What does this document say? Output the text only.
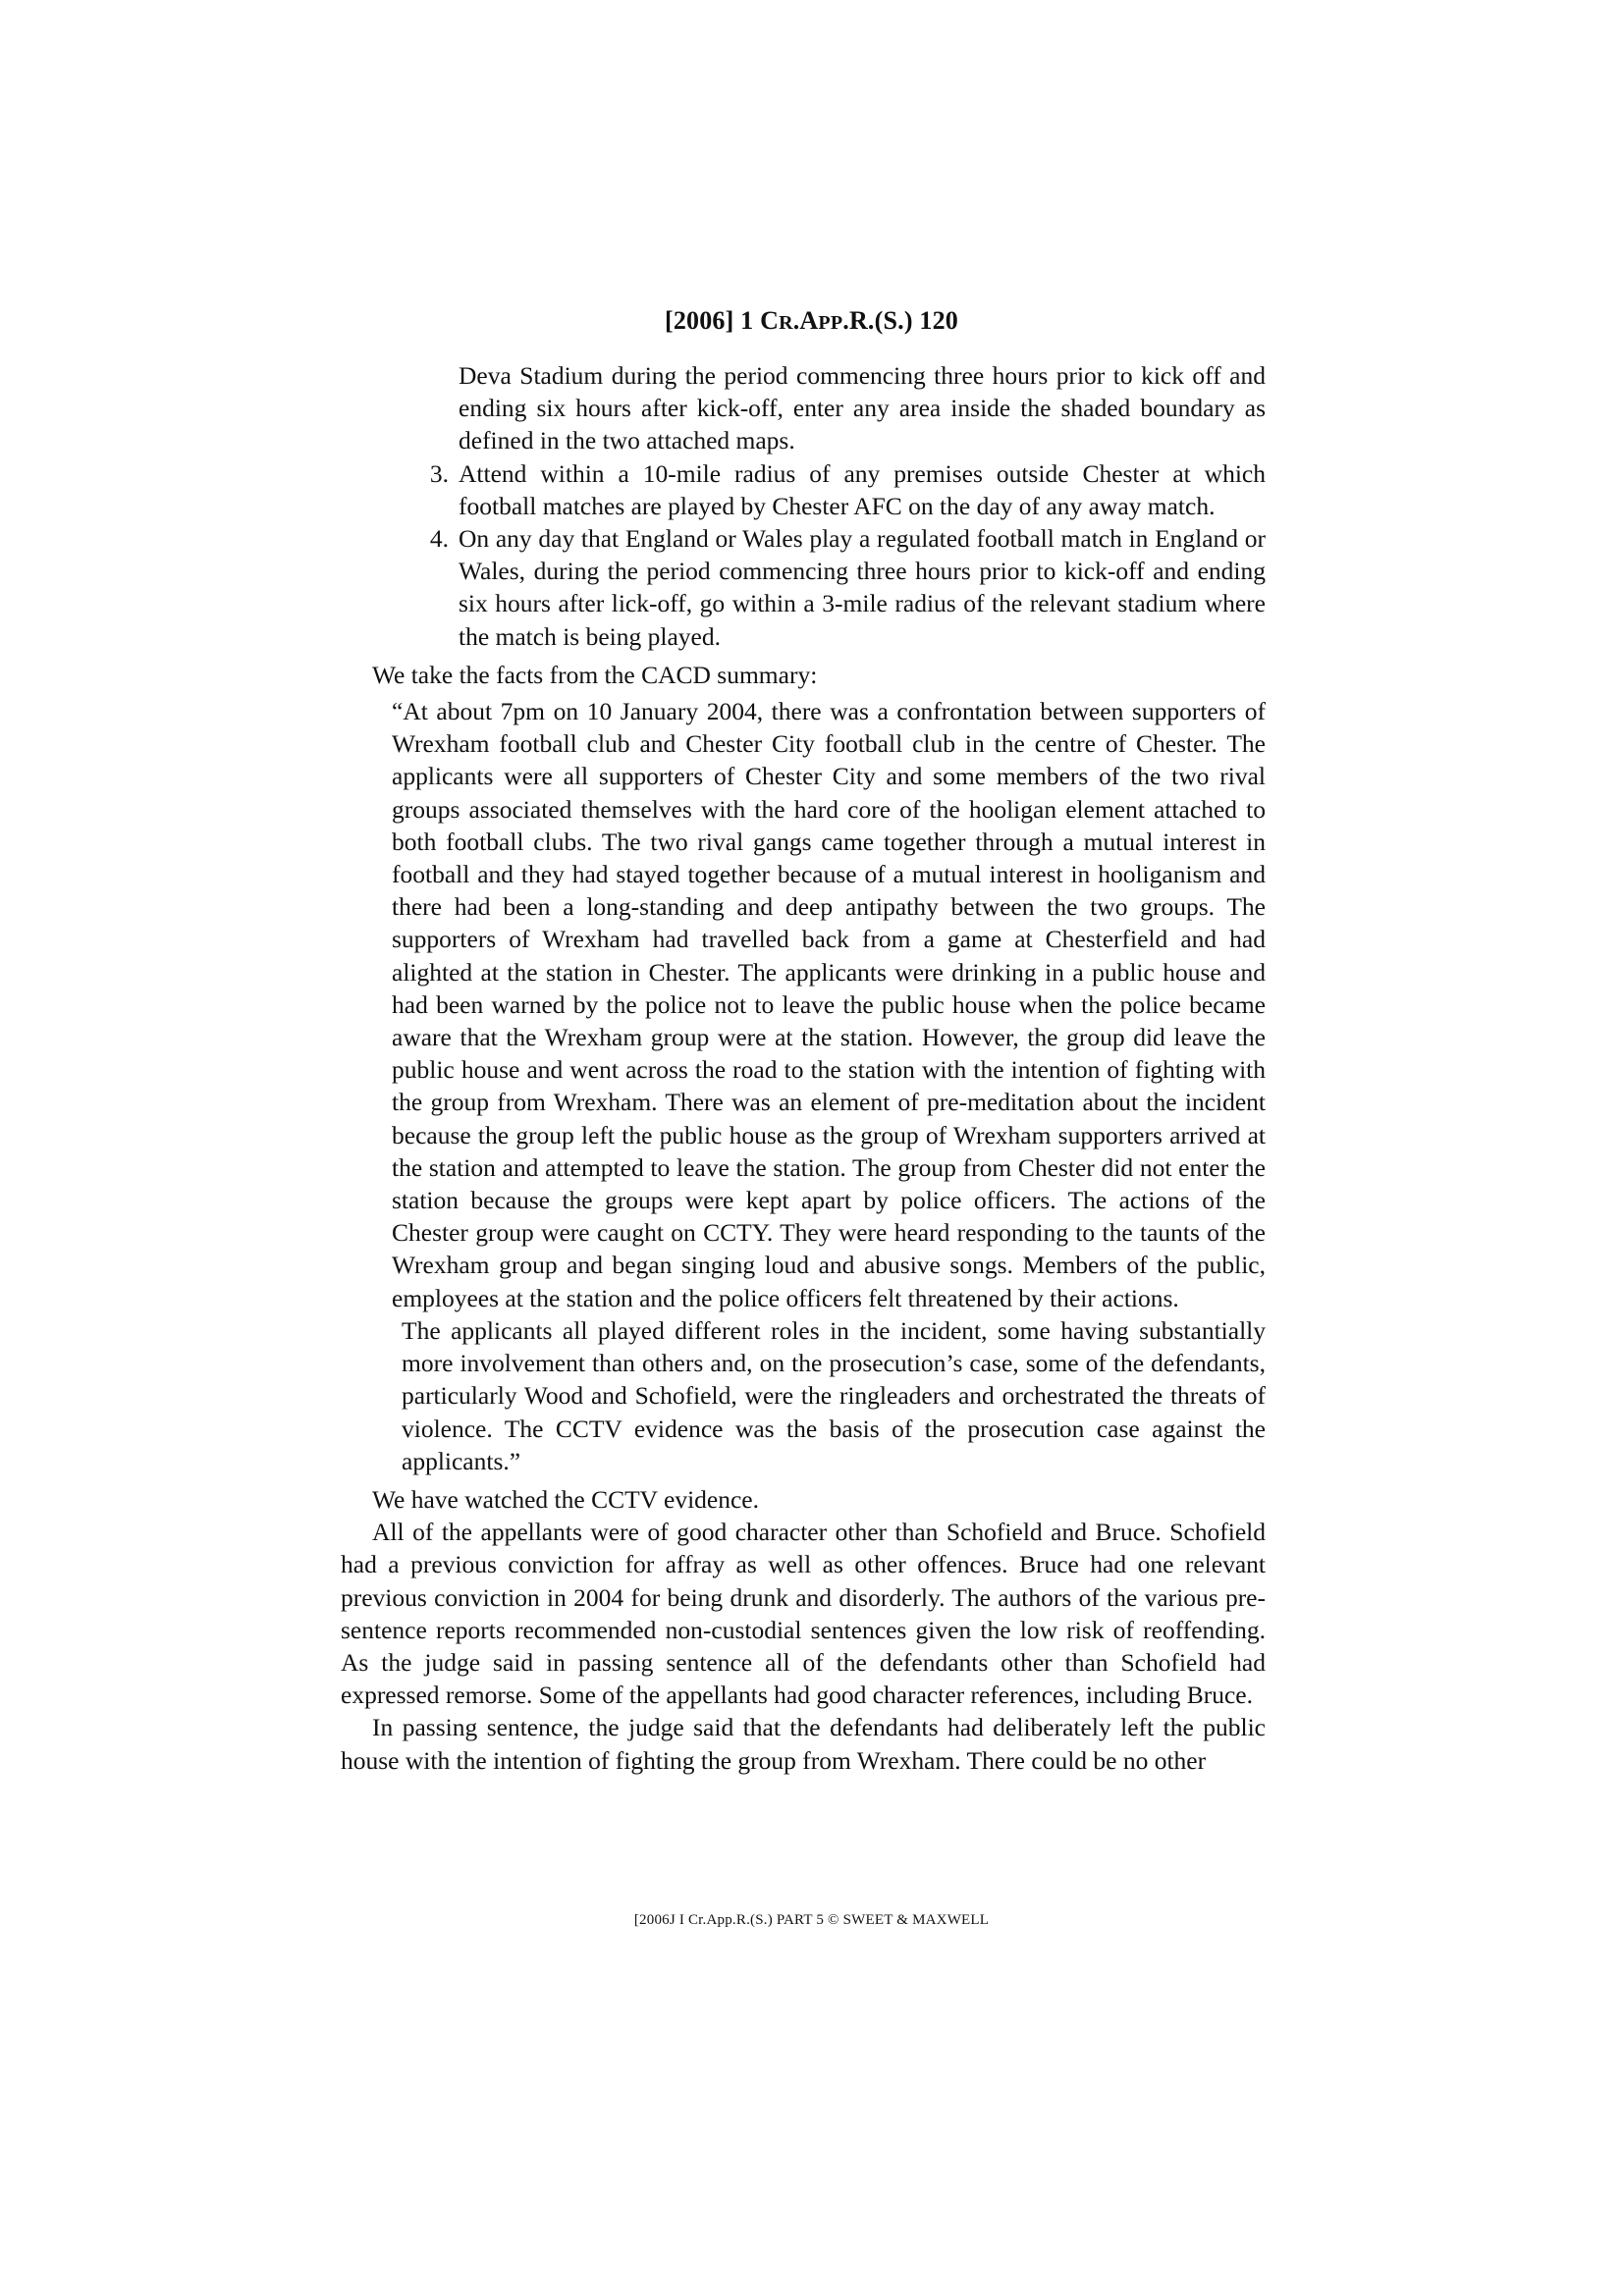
[2006] 1 CR.APP.R.(S.) 120

Deva Stadium during the period commencing three hours prior to kick off and ending six hours after kick-off, enter any area inside the shaded boundary as defined in the two attached maps.

3. Attend within a 10-mile radius of any premises outside Chester at which football matches are played by Chester AFC on the day of any away match.
4. On any day that England or Wales play a regulated football match in England or Wales, during the period commencing three hours prior to kick-off and ending six hours after lick-off, go within a 3-mile radius of the relevant stadium where the match is being played.

We take the facts from the CACD summary:

“At about 7pm on 10 January 2004, there was a confrontation between supporters of Wrexham football club and Chester City football club in the centre of Chester. The applicants were all supporters of Chester City and some members of the two rival groups associated themselves with the hard core of the hooligan element attached to both football clubs. The two rival gangs came together through a mutual interest in football and they had stayed together because of a mutual interest in hooliganism and there had been a long-standing and deep antipathy between the two groups. The supporters of Wrexham had travelled back from a game at Chesterfield and had alighted at the station in Chester. The applicants were drinking in a public house and had been warned by the police not to leave the public house when the police became aware that the Wrexham group were at the station. However, the group did leave the public house and went across the road to the station with the intention of fighting with the group from Wrexham. There was an element of pre-meditation about the incident because the group left the public house as the group of Wrexham supporters arrived at the station and attempted to leave the station. The group from Chester did not enter the station because the groups were kept apart by police officers. The actions of the Chester group were caught on CCTY. They were heard responding to the taunts of the Wrexham group and began singing loud and abusive songs. Members of the public, employees at the station and the police officers felt threatened by their actions.

The applicants all played different roles in the incident, some having substantially more involvement than others and, on the prosecution’s case, some of the defendants, particularly Wood and Schofield, were the ringleaders and orchestrated the threats of violence. The CCTV evidence was the basis of the prosecution case against the applicants.”

We have watched the CCTV evidence.

All of the appellants were of good character other than Schofield and Bruce. Schofield had a previous conviction for affray as well as other offences. Bruce had one relevant previous conviction in 2004 for being drunk and disorderly. The authors of the various pre-sentence reports recommended non-custodial sentences given the low risk of reoffending. As the judge said in passing sentence all of the defendants other than Schofield had expressed remorse. Some of the appellants had good character references, including Bruce.

In passing sentence, the judge said that the defendants had deliberately left the public house with the intention of fighting the group from Wrexham. There could be no other

[2006J I Cr.App.R.(S.) PART 5 © SWEET & MAXWELL
